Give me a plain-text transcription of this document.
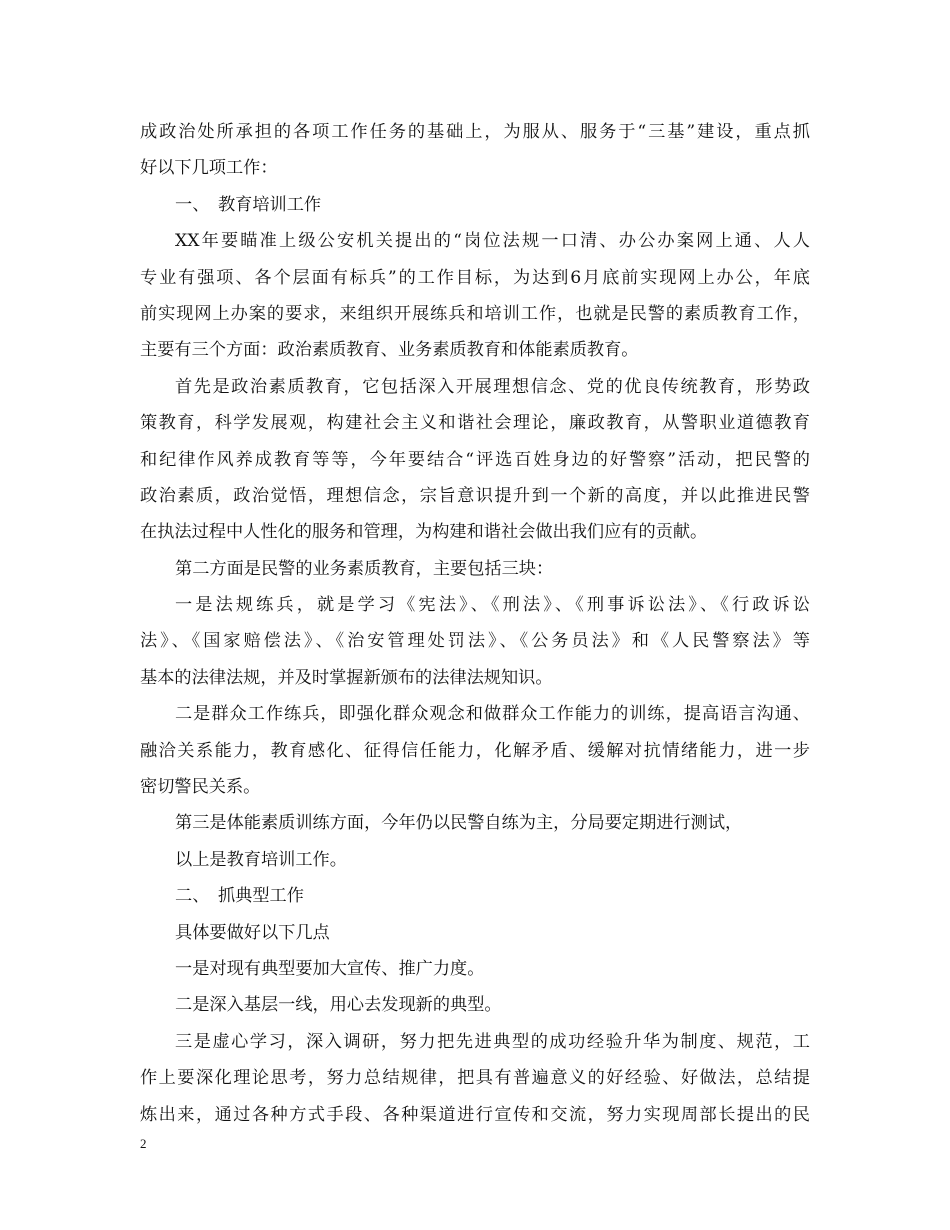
成政治处所承担的各项工作任务的基础上，为服从、服务于“三基”建设，重点抓
好以下几项工作：
一、　教育培训工作
XX年要瞄准上级公安机关提出的“岗位法规一口清、办公办案网上通、人人
专业有强项、各个层面有标兵”的工作目标，为达到6月底前实现网上办公，年底
前实现网上办案的要求，来组织开展练兵和培训工作，也就是民警的素质教育工作，
主要有三个方面：政治素质教育、业务素质教育和体能素质教育。
首先是政治素质教育，它包括深入开展理想信念、党的优良传统教育，形势政
策教育，科学发展观，构建社会主义和谐社会理论，廉政教育，从警职业道德教育
和纪律作风养成教育等等，今年要结合“评选百姓身边的好警察”活动，把民警的
政治素质，政治觉悟，理想信念，宗旨意识提升到一个新的高度，并以此推进民警
在执法过程中人性化的服务和管理，为构建和谐社会做出我们应有的贡献。
第二方面是民警的业务素质教育，主要包括三块：
一是法规练兵，就是学习《宪法》、《刑法》、《刑事诉讼法》、《行政诉讼
法》、《国家赔偿法》、《治安管理处罚法》、《公务员法》和《人民警察法》等
基本的法律法规，并及时掌握新颁布的法律法规知识。
二是群众工作练兵，即强化群众观念和做群众工作能力的训练，提高语言沟通、
融洽关系能力，教育感化、征得信任能力，化解矛盾、缓解对抗情绪能力，进一步
密切警民关系。
第三是体能素质训练方面，今年仍以民警自练为主，分局要定期进行测试，
以上是教育培训工作。
二、　抓典型工作
具体要做好以下几点
一是对现有典型要加大宣传、推广力度。
二是深入基层一线，用心去发现新的典型。
三是虚心学习，深入调研，努力把先进典型的成功经验升华为制度、规范，工
作上要深化理论思考，努力总结规律，把具有普遍意义的好经验、好做法，总结提
炼出来，通过各种方式手段、各种渠道进行宣传和交流，努力实现周部长提出的民
2
